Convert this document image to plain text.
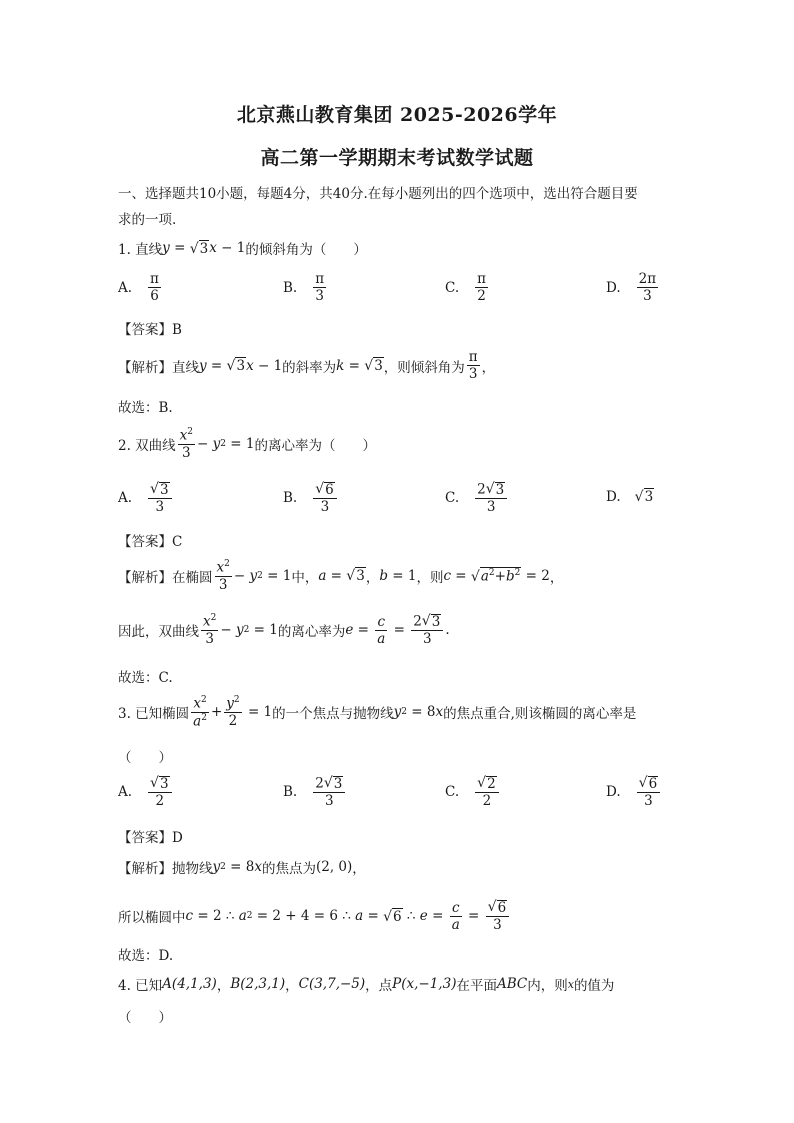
北京燕山教育集团 2025-2026学年
高二第一学期期末考试数学试题
一、选择题共10小题，每题4分，共40分.在每小题列出的四个选项中，选出符合题目要
求的一项.
1. 直线 y = √ 3 x − 1 的倾斜角为（　　）
A. $\frac{\pi}{6}$	B. $\frac{\pi}{3}$	C. $\frac{\pi}{2}$	D. $\frac{2\pi}{3}$
【答案】B
【解析】 直线 y = √ 3 x − 1 的斜率为 k = √ 3 ，则倾斜角为 $\frac{\pi}{3}$ ，
故选：B.
2. 双曲线 $\frac{x^2}{3} - y$ 2 = 1 的离心率为（　　）
A. $\frac{√ 3}{3}$	B. $\frac{√ 6}{3}$	C. $\frac{2 √ 3}{3}$	D. √ 3
【答案】C
【解析】 在椭圆 $\frac{x^2}{3} - y$ 2 = 1 中， a = √ 3 ， b = 1 ，则 c = √ $a^2+b^2 = 2$ ，
因此，双曲线 $\frac{x^2}{3} - y$ 2 = 1 的离心率为 $e = \frac{c}{a} = \frac{2 √ 3}{3}$ .
故选：C.
3. 已知椭圆 $\frac{x^2}{a^2} + \frac{y^2}{2} = 1$ 的一个焦点与抛物线 y 2 = 8 x 的焦点重合,则该椭圆的离心率是
（　　）
A. $\frac{√ 3}{2}$	B. $\frac{2 √ 3}{3}$	C. $\frac{√ 2}{2}$	D. $\frac{√ 6}{3}$
【答案】D
【解析】 抛物线 y 2 = 8 x 的焦点为 (2, 0) ，
所以椭圆中 c = 2 ∴ a 2 = 2 + 4 = 6 ∴ a = √ 6 ∴ $e = \frac{c}{a} = \frac{√ 6}{3}$
故选：D.
4. 已知 A(4,1,3) ， B(2,3,1) ， C(3,7,−5) ，点 P(x,−1,3) 在平面 ABC 内，则 x 的值为
（　　）
